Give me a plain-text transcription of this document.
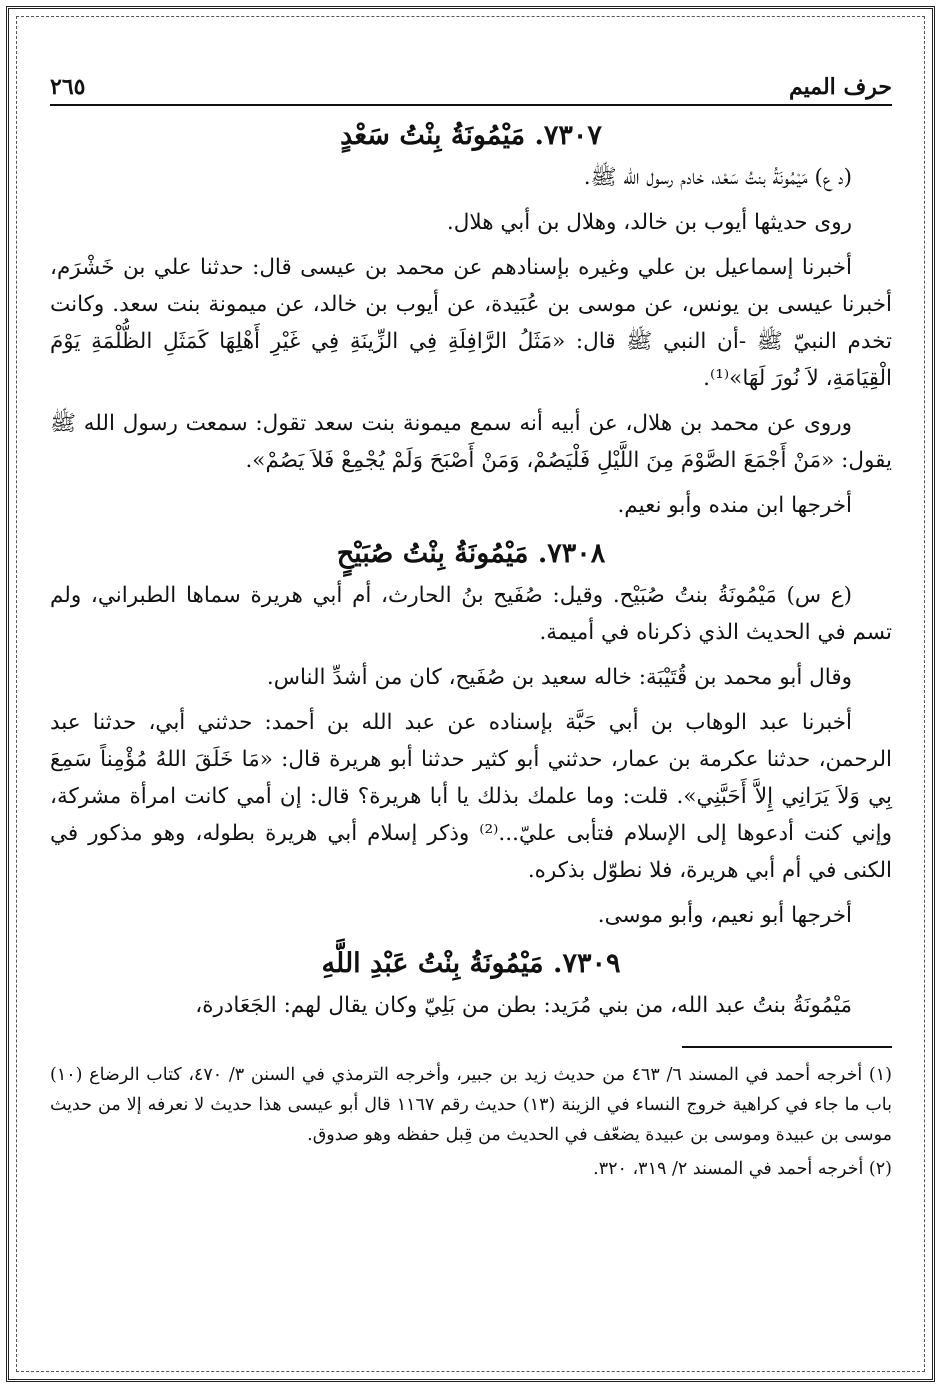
حرف الميم
٢٦٥
٧٣٠٧. مَيْمُونَةُ بِنْتُ سَعْدٍ

(د ع) مَيْمُونَةُ بنتُ سَعْد، خادم رسول الله ﷺ.

روى حديثها أيوب بن خالد، وهلال بن أبي هلال.

أخبرنا إسماعيل بن علي وغيره بإسنادهم عن محمد بن عيسى قال: حدثنا علي بن خَشْرَم، أخبرنا عيسى بن يونس، عن موسى بن عُبَيدة، عن أيوب بن خالد، عن ميمونة بنت سعد. وكانت تخدم النبيّ ﷺ -أن النبي ﷺ قال: «مَثَلُ الرَّافِلَةِ فِي الزِّينَةِ فِي غَيْرِ أَهْلِهَا كَمَثَلِ الظُّلْمَةِ يَوْمَ الْقِيَامَةِ، لاَ نُورَ لَهَا»⁽¹⁾.

وروى عن محمد بن هلال، عن أبيه أنه سمع ميمونة بنت سعد تقول: سمعت رسول الله ﷺ يقول: «مَنْ أَجْمَعَ الصَّوْمَ مِنَ اللَّيْلِ فَلْيَصُمْ، وَمَنْ أَصْبَحَ وَلَمْ يُجْمِعْ فَلاَ يَصُمْ».

أخرجها ابن منده وأبو نعيم.

٧٣٠٨. مَيْمُونَةُ بِنْتُ صُبَيْحٍ

(ع س) مَيْمُونَةُ بنتُ صُبَيْح. وقيل: صُفَيح بنُ الحارث، أم أبي هريرة سماها الطبراني، ولم تسم في الحديث الذي ذكرناه في أميمة.

وقال أبو محمد بن قُتَيْبَة: خاله سعيد بن صُفَيح، كان من أشدِّ الناس.

أخبرنا عبد الوهاب بن أبي حَبَّة بإسناده عن عبد الله بن أحمد: حدثني أبي، حدثنا عبد الرحمن، حدثنا عكرمة بن عمار، حدثني أبو كثير حدثنا أبو هريرة قال: «مَا خَلَقَ اللهُ مُؤْمِناً سَمِعَ بِي وَلاَ يَرَانِي إِلاَّ أَحَبَّنِي». قلت: وما علمك بذلك يا أبا هريرة؟ قال: إن أمي كانت امرأة مشركة، وإني كنت أدعوها إلى الإسلام فتأبى عليّ...⁽²⁾ وذكر إسلام أبي هريرة بطوله، وهو مذكور في الكنى في أم أبي هريرة، فلا نطوّل بذكره.

أخرجها أبو نعيم، وأبو موسى.

٧٣٠٩. مَيْمُونَةُ بِنْتُ عَبْدِ اللَّهِ

مَيْمُونَةُ بنتُ عبد الله، من بني مُرَيد: بطن من بَلِيّ وكان يقال لهم: الجَعَادرة،

(١) أخرجه أحمد في المسند ٦/ ٤٦٣ من حديث زيد بن جبير، وأخرجه الترمذي في السنن ٣/ ٤٧٠، كتاب الرضاع (١٠) باب ما جاء في كراهية خروج النساء في الزينة (١٣) حديث رقم ١١٦٧ قال أبو عيسى هذا حديث لا نعرفه إلا من حديث موسى بن عبيدة وموسى بن عبيدة يضعّف في الحديث من قِبل حفظه وهو صدوق.

(٢) أخرجه أحمد في المسند ٢/ ٣١٩، ٣٢٠.
